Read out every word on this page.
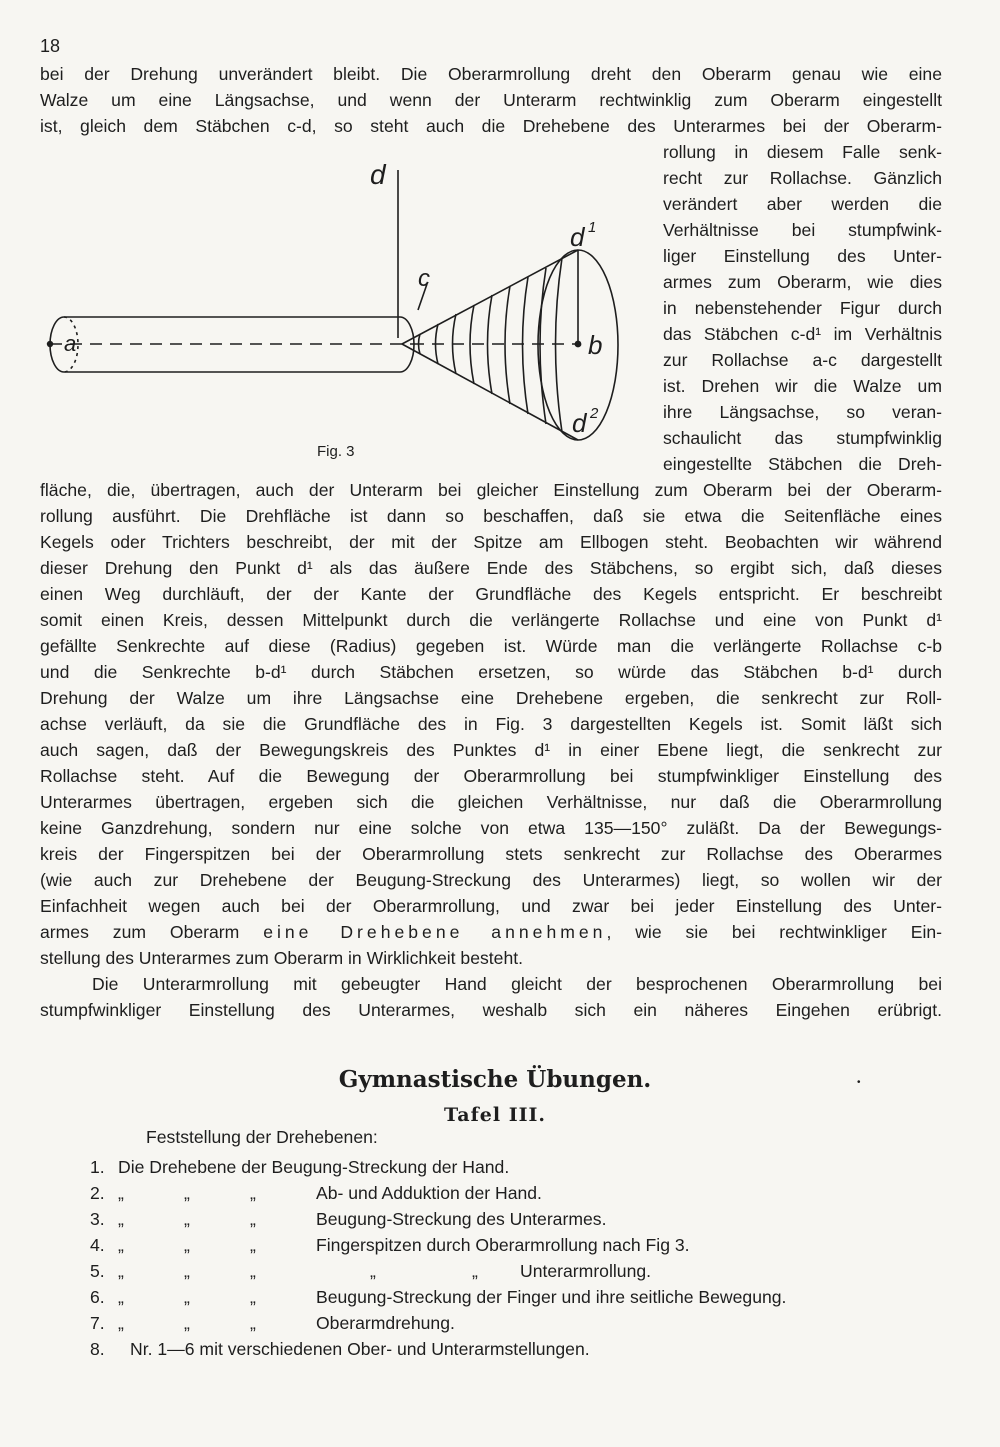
18
bei der Drehung unverändert bleibt. Die Oberarmrollung dreht den Oberarm genau wie eine
Walze um eine Längsachse, und wenn der Unterarm rechtwinklig zum Oberarm eingestellt
ist, gleich dem Stäbchen c-d, so steht auch die Drehebene des Unterarmes bei der Oberarm-
rollung in diesem Falle senk-
recht zur Rollachse. Gänzlich
verändert aber werden die
Verhältnisse bei stumpfwink-
liger Einstellung des Unter-
armes zum Oberarm, wie dies
in nebenstehender Figur durch
das Stäbchen c-d¹ im Verhältnis
zur Rollachse a-c dargestellt
ist. Drehen wir die Walze um
ihre Längsachse, so veran-
schaulicht das stumpfwinklig
eingestellte Stäbchen die Dreh-
d
c
a	b
d 1
d 2
Fig. 3
fläche, die, übertragen, auch der Unterarm bei gleicher Einstellung zum Oberarm bei der Oberarm-
rollung ausführt. Die Drehfläche ist dann so beschaffen, daß sie etwa die Seitenfläche eines
Kegels oder Trichters beschreibt, der mit der Spitze am Ellbogen steht. Beobachten wir während
dieser Drehung den Punkt d¹ als das äußere Ende des Stäbchens, so ergibt sich, daß dieses
einen Weg durchläuft, der der Kante der Grundfläche des Kegels entspricht. Er beschreibt
somit einen Kreis, dessen Mittelpunkt durch die verlängerte Rollachse und eine von Punkt d¹
gefällte Senkrechte auf diese (Radius) gegeben ist. Würde man die verlängerte Rollachse c-b
und die Senkrechte b-d¹ durch Stäbchen ersetzen, so würde das Stäbchen b-d¹ durch
Drehung der Walze um ihre Längsachse eine Drehebene ergeben, die senkrecht zur Roll-
achse verläuft, da sie die Grundfläche des in Fig. 3 dargestellten Kegels ist. Somit läßt sich
auch sagen, daß der Bewegungskreis des Punktes d¹ in einer Ebene liegt, die senkrecht zur
Rollachse steht. Auf die Bewegung der Oberarmrollung bei stumpfwinkliger Einstellung des
Unterarmes übertragen, ergeben sich die gleichen Verhältnisse, nur daß die Oberarmrollung
keine Ganzdrehung, sondern nur eine solche von etwa 135—150° zuläßt. Da der Bewegungs-
kreis der Fingerspitzen bei der Oberarmrollung stets senkrecht zur Rollachse des Oberarmes
(wie auch zur Drehebene der Beugung-Streckung des Unterarmes) liegt, so wollen wir der
Einfachheit wegen auch bei der Oberarmrollung, und zwar bei jeder Einstellung des Unter-
armes zum Oberarm eine Drehebene annehmen, wie sie bei rechtwinkliger Ein-
stellung des Unterarmes zum Oberarm in Wirklichkeit besteht.
Die Unterarmrollung mit gebeugter Hand gleicht der besprochenen Oberarmrollung bei
stumpfwinkliger Einstellung des Unterarmes, weshalb sich ein näheres Eingehen erübrigt.
Gymnastische Übungen.	•
Tafel III.
Feststellung der Drehebenen:
1. Die Drehebene der Beugung-Streckung der Hand.
2. „	„	„	Ab- und Adduktion der Hand.
3. „	„	„	Beugung-Streckung des Unterarmes.
4. „	„	„	Fingerspitzen durch Oberarmrollung nach Fig 3.
5. „	„	„	„	„ Unterarmrollung.
6. „	„	„	Beugung-Streckung der Finger und ihre seitliche Bewegung.
7. „	„	„	Oberarmdrehung.
8. Nr. 1—6 mit verschiedenen Ober- und Unterarmstellungen.
